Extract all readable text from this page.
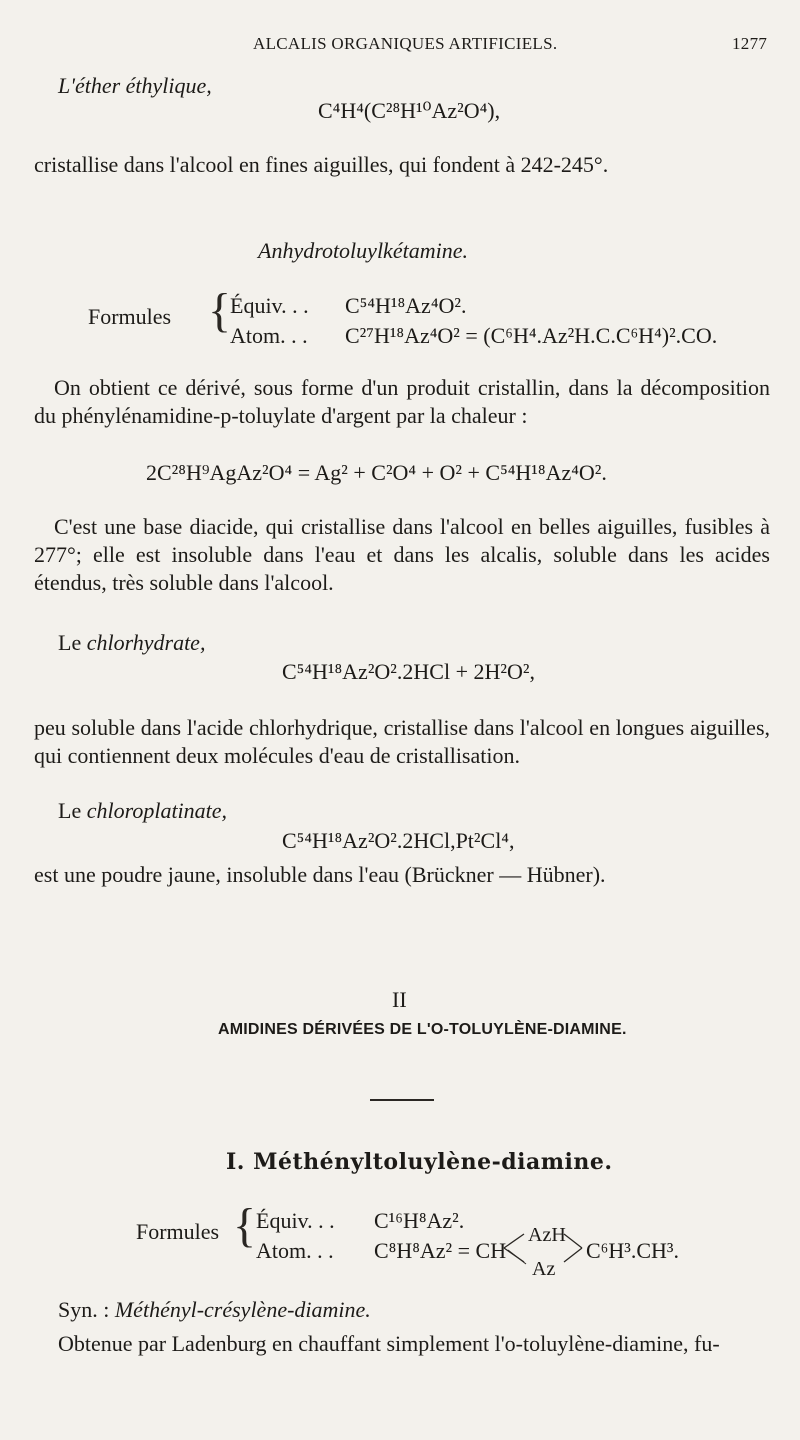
ALCALIS ORGANIQUES ARTIFICIELS.	1277
L'éther éthylique,
C⁴H⁴(C²⁸H¹⁰Az²O⁴),
cristallise dans l'alcool en fines aiguilles, qui fondent à 242-245°.
Anhydrotoluylkétamine.
Formules {
Équiv. . . C⁵⁴H¹⁸Az⁴O².
Atom. . . C²⁷H¹⁸Az⁴O² = (C⁶H⁴.Az²H.C.C⁶H⁴)².CO.
On obtient ce dérivé, sous forme d'un produit cristallin, dans la décomposition du phénylénamidine-p-toluylate d'argent par la chaleur :
2C²⁸H⁹AgAz²O⁴ = Ag² + C²O⁴ + O² + C⁵⁴H¹⁸Az⁴O².
C'est une base diacide, qui cristallise dans l'alcool en belles aiguilles, fusibles à 277°; elle est insoluble dans l'eau et dans les alcalis, soluble dans les acides étendus, très soluble dans l'alcool.
Le chlorhydrate,
C⁵⁴H¹⁸Az²O².2HCl + 2H²O²,
peu soluble dans l'acide chlorhydrique, cristallise dans l'alcool en longues aiguilles, qui contiennent deux molécules d'eau de cristallisation.
Le chloroplatinate,
C⁵⁴H¹⁸Az²O².2HCl,Pt²Cl⁴,
est une poudre jaune, insoluble dans l'eau (Brückner — Hübner).
II
AMIDINES DÉRIVÉES DE L'O-TOLUYLÈNE-DIAMINE.
I. Méthényltoluylène-diamine.
Formules { Équiv. . . C¹⁶H⁸Az².
Atom. . . C⁸H⁸Az² = CH
AzH
Az
C⁶H³.CH³.
Syn. : Méthényl-crésylène-diamine.
Obtenue par Ladenburg en chauffant simplement l'o-toluylène-diamine, fu-
